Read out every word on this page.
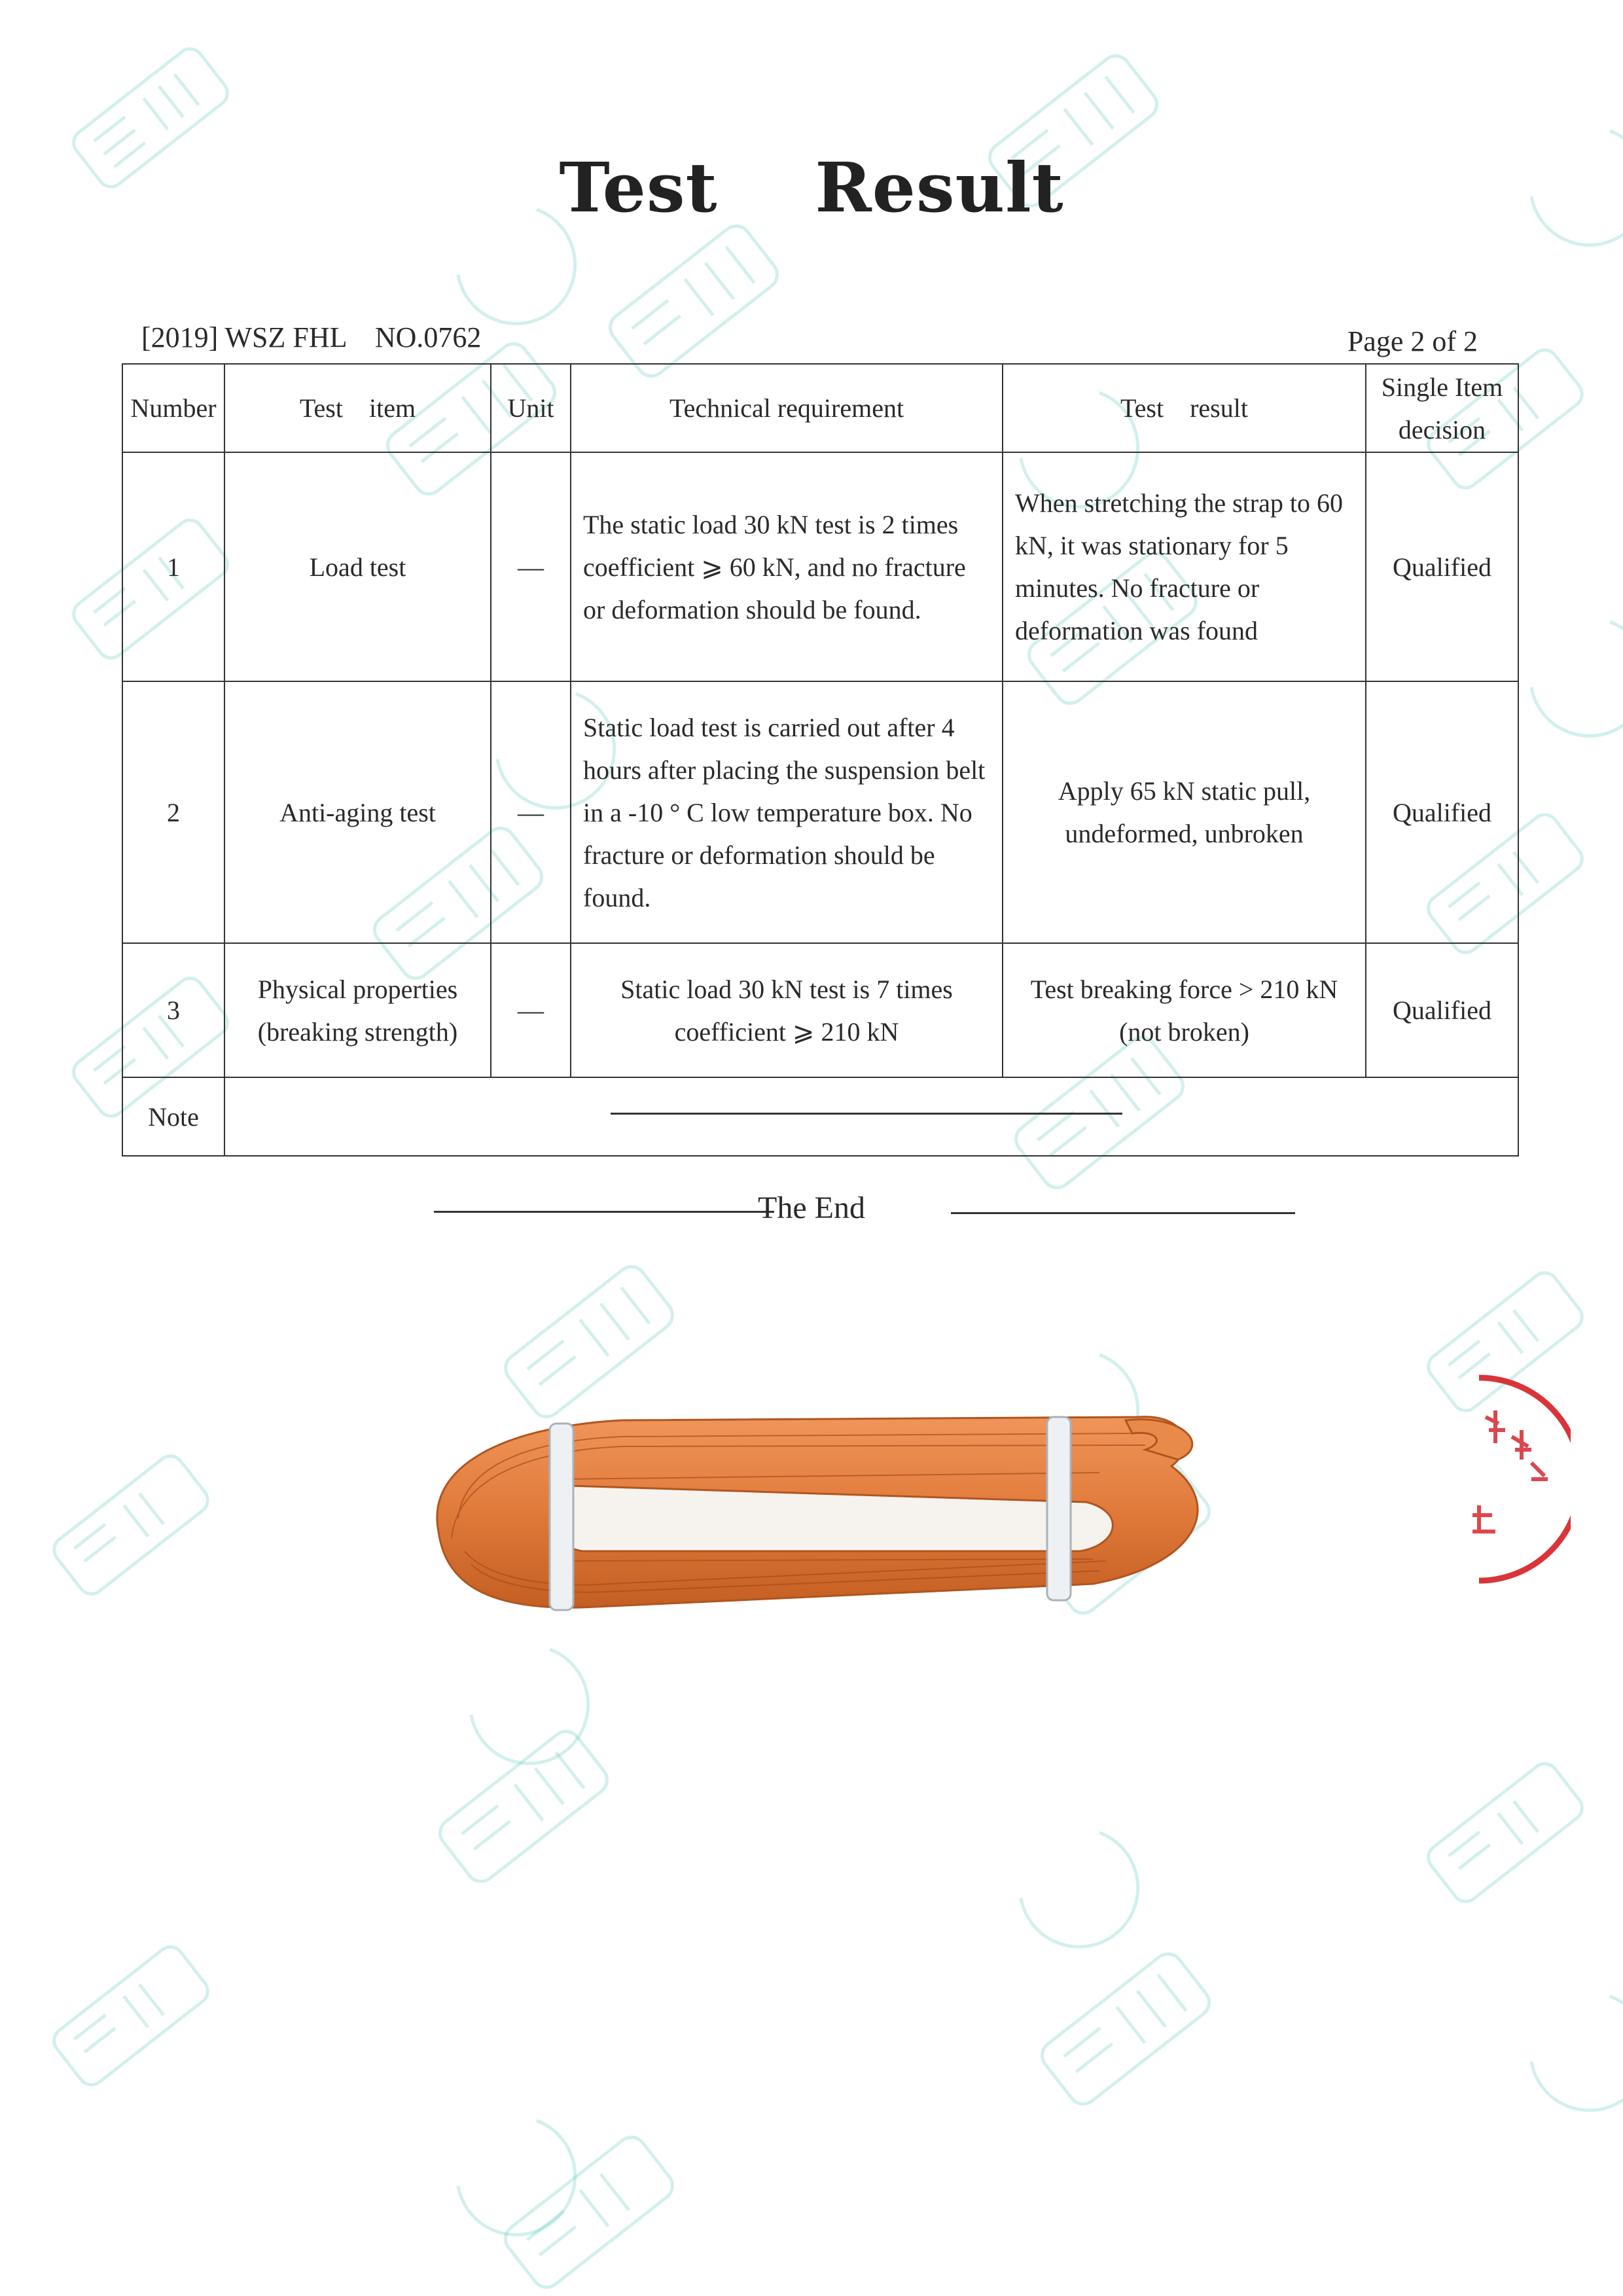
Test    Result
[2019] WSZ FHL    NO.0762	Page 2 of 2
Number	Test    item	Unit	Technical requirement	Test    result	Single Item
decision
1	Load test	—	The static load 30 kN test is 2 times coefficient ⩾ 60 kN, and no fracture or deformation should be found.	When stretching the strap to 60 kN, it was stationary for 5 minutes. No fracture or deformation was found	Qualified
2	Anti-aging test	—	Static load test is carried out after 4 hours after placing the suspension belt in a -10 ° C low temperature box. No fracture or deformation should be found.	Apply 65 kN static pull, undeformed, unbroken	Qualified
3	Physical properties (breaking strength)	—	Static load 30 kN test is 7 times coefficient ⩾ 210 kN	Test breaking force > 210 kN (not broken)	Qualified
Note					
The End
